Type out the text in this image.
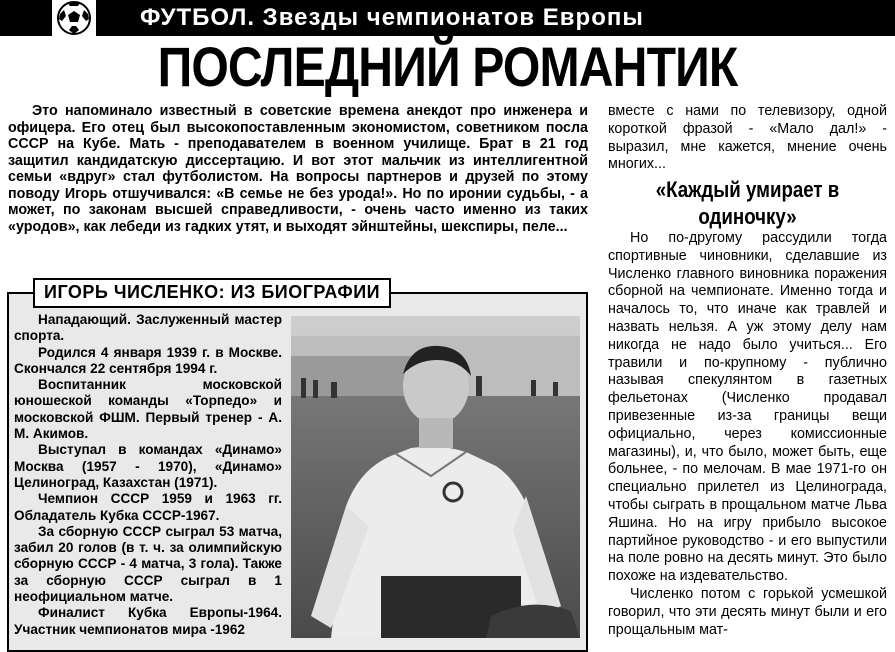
ФУТБОЛ. Звезды чемпионатов Европы
ПОСЛЕДНИЙ РОМАНТИК

Это напоминало известный в советские времена анекдот про инженера и офицера. Его отец был высокопоставленным экономистом, советником посла СССР на Кубе. Мать - преподавателем в военном училище. Брат в 21 год защитил кандидатскую диссертацию. И вот этот мальчик из интеллигентной семьи «вдруг» стал футболистом. На вопросы партнеров и друзей по этому поводу Игорь отшучивался: «В семье не без урода!». Но по иронии судьбы, - а может, по законам высшей справедливости, - очень часто именно из таких «уродов», как лебеди из гадких утят, и выходят эйнштейны, шекспиры, пеле...

ИГОРЬ ЧИСЛЕНКО: ИЗ БИОГРАФИИ

Нападающий. Заслуженный мастер спорта.

Родился 4 января 1939 г. в Москве. Скончался 22 сентября 1994 г.

Воспитанник московской юношеской команды «Торпедо» и московской ФШМ. Первый тренер - А. М. Акимов.

Выступал в командах «Динамо» Москва (1957 - 1970), «Динамо» Целиноград, Казахстан (1971).

Чемпион СССР 1959 и 1963 гг. Обладатель Кубка СССР-1967.

За сборную СССР сыграл 53 матча, забил 20 голов (в т. ч. за олимпийскую сборную СССР - 4 матча, 3 гола). Также за сборную СССР сыграл в 1 неофициальном матче.

Финалист Кубка Европы-1964. Участник чемпионатов мира -1962

вместе с нами по телевизору, одной короткой фразой - «Мало дал!» - выразил, мне кажется, мнение очень многих...

«Каждый умирает в одиночку»

Но по-другому рассудили тогда спортивные чиновники, сделавшие из Численко главного виновника поражения сборной на чемпионате. Именно тогда и началось то, что иначе как травлей и назвать нельзя. А уж этому делу нам никогда не надо было учиться... Его травили и по-крупному - публично называя спекулянтом в газетных фельетонах (Численко продавал привезенные из-за границы вещи официально, через комиссионные магазины), и, что было, может быть, еще больнее, - по мелочам. В мае 1971-го он специально прилетел из Целинограда, чтобы сыграть в прощальном матче Льва Яшина. Но на игру прибыло высокое партийное руководство - и его выпустили на поле ровно на десять минут. Это было похоже на издевательство.

Численко потом с горькой усмешкой говорил, что эти десять минут были и его прощальным мат-
